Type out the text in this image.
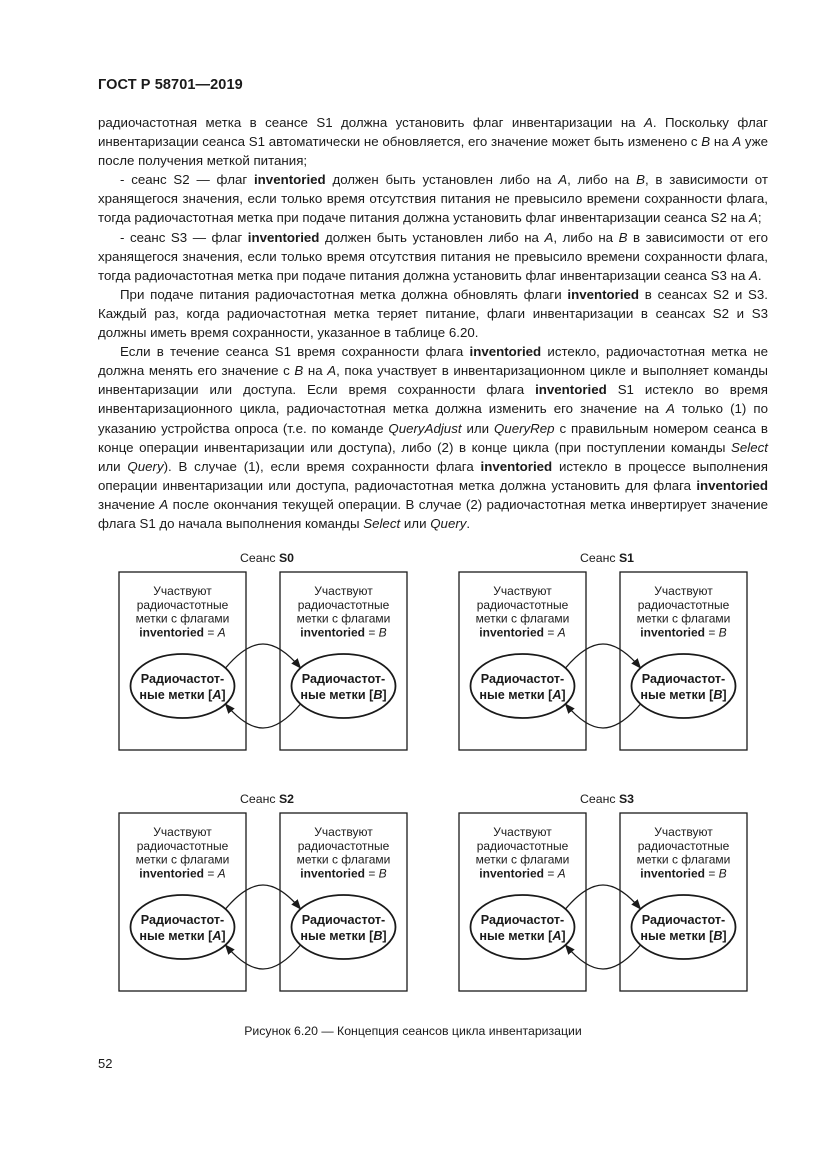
ГОСТ Р 58701—2019

радиочастотная метка в сеансе S1 должна установить флаг инвентаризации на A. Поскольку флаг инвентаризации сеанса S1 автоматически не обновляется, его значение может быть изменено с B на A уже после получения меткой питания;

- сеанс S2 — флаг inventoried должен быть установлен либо на A, либо на B, в зависимости от хранящегося значения, если только время отсутствия питания не превысило времени сохранности флага, тогда радиочастотная метка при подаче питания должна установить флаг инвентаризации сеанса S2 на A;

- сеанс S3 — флаг inventoried должен быть установлен либо на A, либо на B в зависимости от его хранящегося значения, если только время отсутствия питания не превысило времени сохранности флага, тогда радиочастотная метка при подаче питания должна установить флаг инвентаризации сеанса S3 на A.

При подаче питания радиочастотная метка должна обновлять флаги inventoried в сеансах S2 и S3. Каждый раз, когда радиочастотная метка теряет питание, флаги инвентаризации в сеансах S2 и S3 должны иметь время сохранности, указанное в таблице 6.20.

Если в течение сеанса S1 время сохранности флага inventoried истекло, радиочастотная метка не должна менять его значение с B на A, пока участвует в инвентаризационном цикле и выполняет команды инвентаризации или доступа. Если время сохранности флага inventoried S1 истекло во время инвентаризационного цикла, радиочастотная метка должна изменить его значение на A только (1) по указанию устройства опроса (т.е. по команде QueryAdjust или QueryRep с правильным номером сеанса в конце операции инвентаризации или доступа), либо (2) в конце цикла (при поступлении команды Select или Query). В случае (1), если время сохранности флага inventoried истекло в процессе выполнения операции инвентаризации или доступа, радиочастотная метка должна установить для флага inventoried значение A после окончания текущей операции. В случае (2) радиочастотная метка инвертирует значение флага S1 до начала выполнения команды Select или Query.

Сеанс S0
Участвуют
радиочастотные
метки с флагами
inventoried = A
Радиочастот-
ные метки [A]
Участвуют
радиочастотные
метки с флагами
inventoried = B
Радиочастот-
ные метки [B]
Сеанс S1
Участвуют
радиочастотные
метки с флагами
inventoried = A
Радиочастот-
ные метки [A]
Участвуют
радиочастотные
метки с флагами
inventoried = B
Радиочастот-
ные метки [B]
Сеанс S2
Участвуют
радиочастотные
метки с флагами
inventoried = A
Радиочастот-
ные метки [A]
Участвуют
радиочастотные
метки с флагами
inventoried = B
Радиочастот-
ные метки [B]
Сеанс S3
Участвуют
радиочастотные
метки с флагами
inventoried = A
Радиочастот-
ные метки [A]
Участвуют
радиочастотные
метки с флагами
inventoried = B
Радиочастот-
ные метки [B]
Рисунок 6.20 — Концепция сеансов цикла инвентаризации
52
